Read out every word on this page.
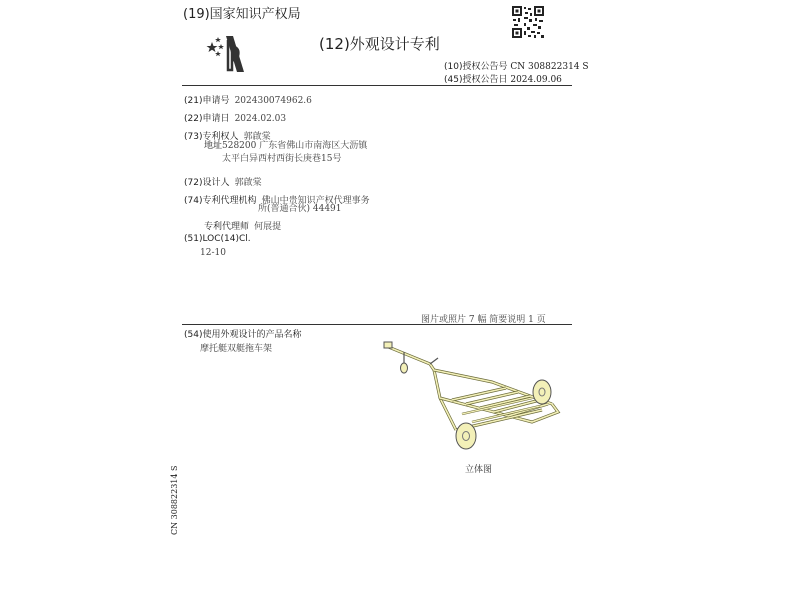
(19)国家知识产权局
(12)外观设计专利
(10)授权公告号 CN 308822314 S
(45)授权公告日 2024.09.06
(21)申请号 202430074962.6
(22)申请日 2024.02.03
(73)专利权人 郭啟棠
地址 528200 广东省佛山市南海区大沥镇
太平白异西村西街长庚巷15号
(72)设计人 郭啟棠
(74)专利代理机构 佛山中贵知识产权代理事务
所(普通合伙) 44491
专利代理师 何展提
(51)LOC(14)Cl.
12-10
图片或照片 7 幅 简要说明 1 页
(54)使用外观设计的产品名称
摩托艇双艇拖车架
立体图
CN 308822314 S
